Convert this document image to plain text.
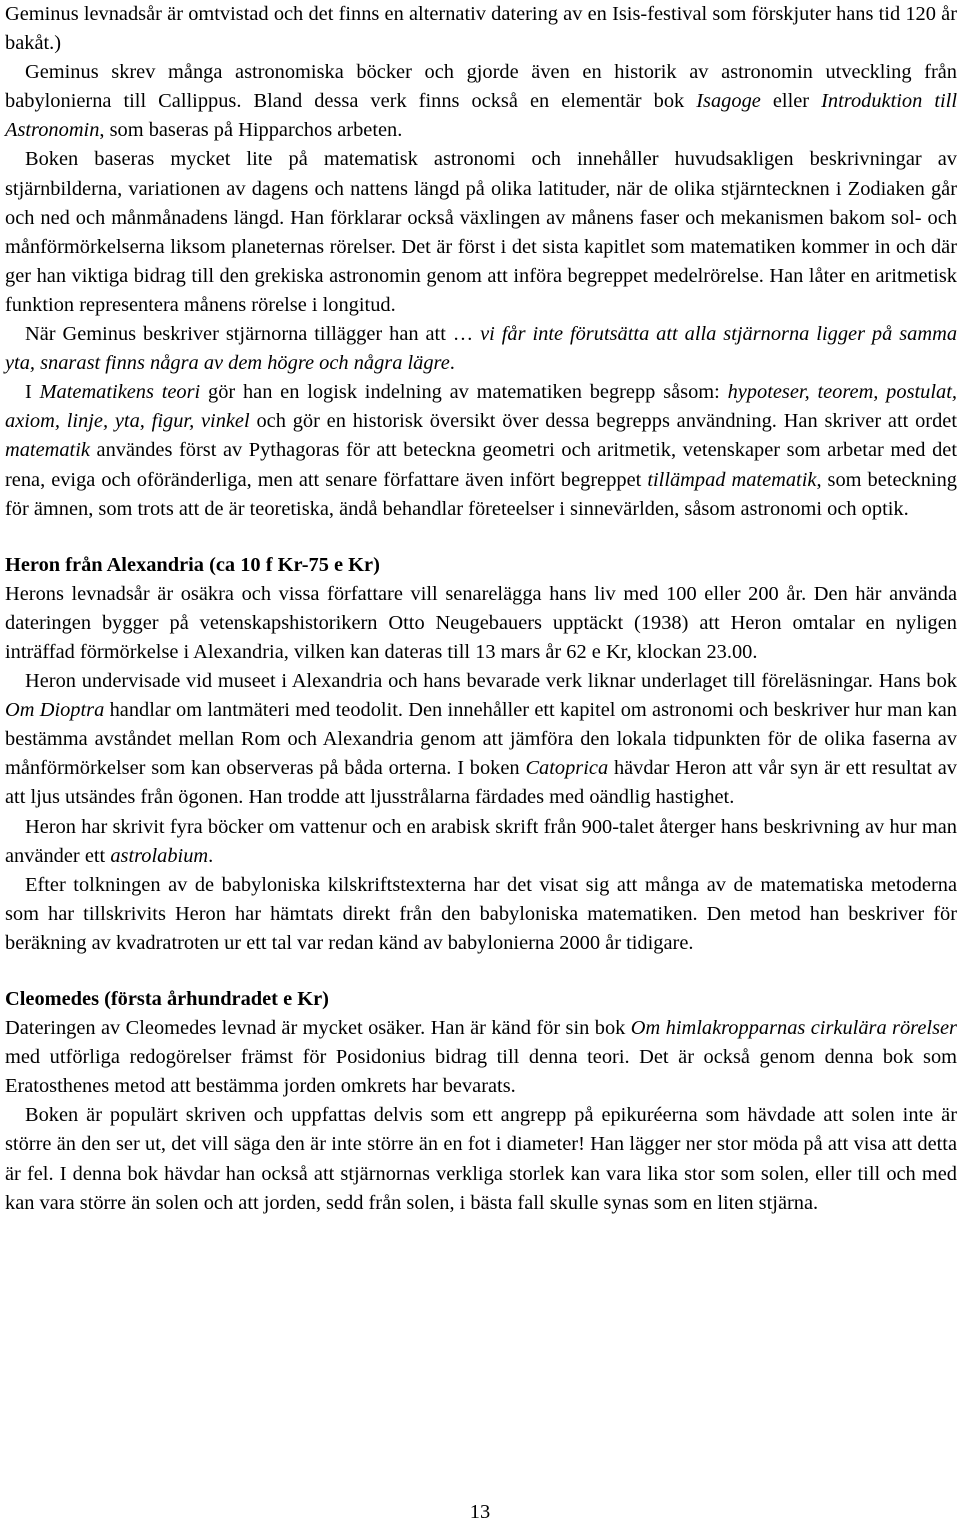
Geminus levnadsår är omtvistad och det finns en alternativ datering av en Isis-festival som förskjuter hans tid 120 år bakåt.)

Geminus skrev många astronomiska böcker och gjorde även en historik av astronomin utveckling från babylonierna till Callippus. Bland dessa verk finns också en elementär bok Isagoge eller Introduktion till Astronomin, som baseras på Hipparchos arbeten.

Boken baseras mycket lite på matematisk astronomi och innehåller huvudsakligen beskrivningar av stjärnbilderna, variationen av dagens och nattens längd på olika latituder, när de olika stjärntecknen i Zodiaken går och ned och månmånadens längd. Han förklarar också växlingen av månens faser och mekanismen bakom sol- och månförmörkelserna liksom planeternas rörelser. Det är först i det sista kapitlet som matematiken kommer in och där ger han viktiga bidrag till den grekiska astronomin genom att införa begreppet medelrörelse. Han låter en aritmetisk funktion representera månens rörelse i longitud.

När Geminus beskriver stjärnorna tillägger han att … vi får inte förutsätta att alla stjärnorna ligger på samma yta, snarast finns några av dem högre och några lägre.

I Matematikens teori gör han en logisk indelning av matematiken begrepp såsom: hypoteser, teorem, postulat, axiom, linje, yta, figur, vinkel och gör en historisk översikt över dessa begrepps användning. Han skriver att ordet matematik användes först av Pythagoras för att beteckna geometri och aritmetik, vetenskaper som arbetar med det rena, eviga och oföränderliga, men att senare författare även infört begreppet tillämpad matematik, som beteckning för ämnen, som trots att de är teoretiska, ändå behandlar företeelser i sinnevärlden, såsom astronomi och optik.

Heron från Alexandria (ca 10 f Kr-75 e Kr)

Herons levnadsår är osäkra och vissa författare vill senarelägga hans liv med 100 eller 200 år. Den här använda dateringen bygger på vetenskapshistorikern Otto Neugebauers upptäckt (1938) att Heron omtalar en nyligen inträffad förmörkelse i Alexandria, vilken kan dateras till 13 mars år 62 e Kr, klockan 23.00.

Heron undervisade vid museet i Alexandria och hans bevarade verk liknar underlaget till föreläsningar. Hans bok Om Dioptra handlar om lantmäteri med teodolit. Den innehåller ett kapitel om astronomi och beskriver hur man kan bestämma avståndet mellan Rom och Alexandria genom att jämföra den lokala tidpunkten för de olika faserna av månförmörkelser som kan observeras på båda orterna. I boken Catoprica hävdar Heron att vår syn är ett resultat av att ljus utsändes från ögonen. Han trodde att ljusstrålarna färdades med oändlig hastighet.

Heron har skrivit fyra böcker om vattenur och en arabisk skrift från 900-talet återger hans beskrivning av hur man använder ett astrolabium.

Efter tolkningen av de babyloniska kilskriftstexterna har det visat sig att många av de matematiska metoderna som har tillskrivits Heron har hämtats direkt från den babyloniska matematiken. Den metod han beskriver för beräkning av kvadratroten ur ett tal var redan känd av babylonierna 2000 år tidigare.

Cleomedes (första århundradet e Kr)

Dateringen av Cleomedes levnad är mycket osäker. Han är känd för sin bok Om himlakropparnas cirkulära rörelser med utförliga redogörelser främst för Posidonius bidrag till denna teori. Det är också genom denna bok som Eratosthenes metod att bestämma jorden omkrets har bevarats.

Boken är populärt skriven och uppfattas delvis som ett angrepp på epikuréerna som hävdade att solen inte är större än den ser ut, det vill säga den är inte större än en fot i diameter! Han lägger ner stor möda på att visa att detta är fel. I denna bok hävdar han också att stjärnornas verkliga storlek kan vara lika stor som solen, eller till och med kan vara större än solen och att jorden, sedd från solen, i bästa fall skulle synas som en liten stjärna.

13
